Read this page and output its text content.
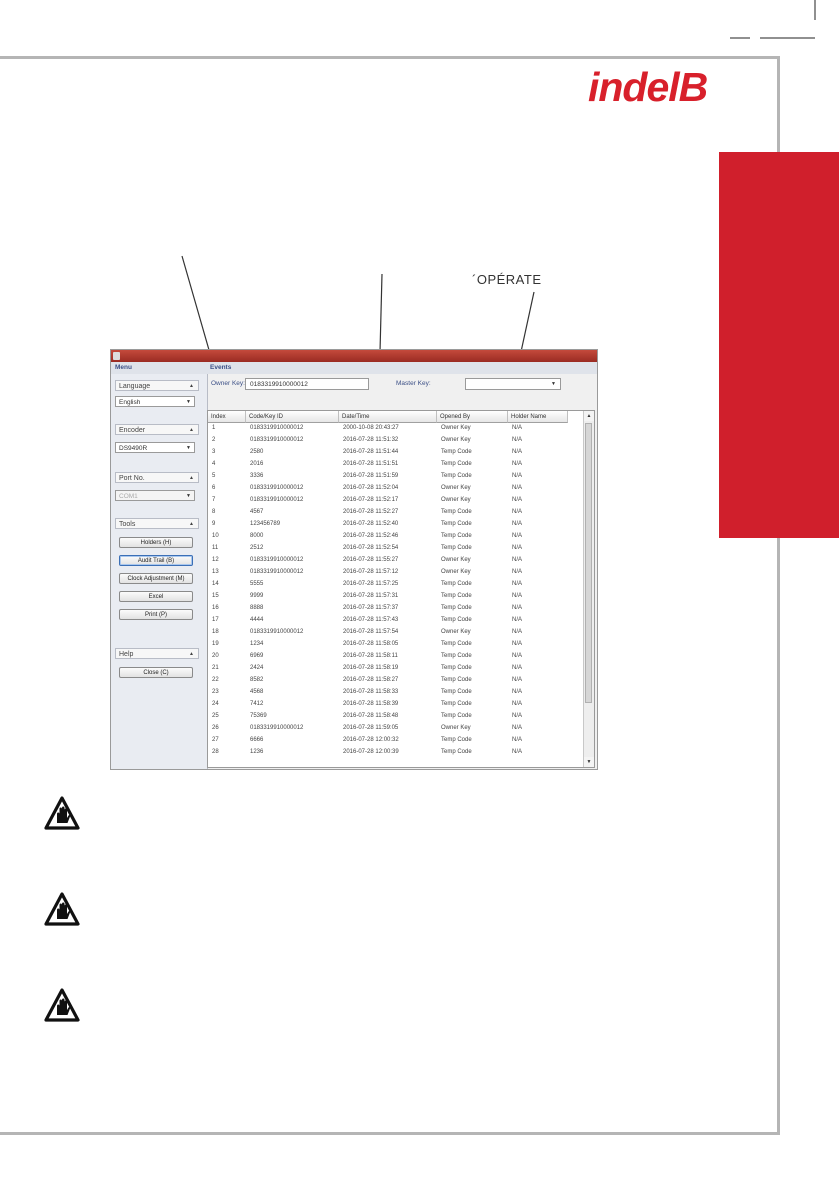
indelB
´OPÉRATE
Menu	Events
Language	▲
English	▼
Encoder	▲
DS9490R	▼
Port No.	▲
COM1	▼
Tools	▲
Holders (H)
Audit Trail (B)
Clock Adjustment (M)
Excel
Print (P)
Help	▲
Close (C)
Owner Key: 0183319910000012	Master Key:	▼
Index	Code/Key ID	Date/Time	Opened By	Holder Name
1	0183319910000012	2000-10-08 20:43:27	Owner Key	N/A
2	0183319910000012	2016-07-28 11:51:32	Owner Key	N/A
3	2580	2016-07-28 11:51:44	Temp Code	N/A
4	2016	2016-07-28 11:51:51	Temp Code	N/A
5	3336	2016-07-28 11:51:59	Temp Code	N/A
6	0183319910000012	2016-07-28 11:52:04	Owner Key	N/A
7	0183319910000012	2016-07-28 11:52:17	Owner Key	N/A
8	4567	2016-07-28 11:52:27	Temp Code	N/A
9	123456789	2016-07-28 11:52:40	Temp Code	N/A
10	8000	2016-07-28 11:52:46	Temp Code	N/A
11	2512	2016-07-28 11:52:54	Temp Code	N/A
12	0183319910000012	2016-07-28 11:55:27	Owner Key	N/A
13	0183319910000012	2016-07-28 11:57:12	Owner Key	N/A
14	5555	2016-07-28 11:57:25	Temp Code	N/A
15	9999	2016-07-28 11:57:31	Temp Code	N/A
16	8888	2016-07-28 11:57:37	Temp Code	N/A
17	4444	2016-07-28 11:57:43	Temp Code	N/A
18	0183319910000012	2016-07-28 11:57:54	Owner Key	N/A
19	1234	2016-07-28 11:58:05	Temp Code	N/A
20	6969	2016-07-28 11:58:11	Temp Code	N/A
21	2424	2016-07-28 11:58:19	Temp Code	N/A
22	8582	2016-07-28 11:58:27	Temp Code	N/A
23	4568	2016-07-28 11:58:33	Temp Code	N/A
24	7412	2016-07-28 11:58:39	Temp Code	N/A
25	75369	2016-07-28 11:58:48	Temp Code	N/A
26	0183319910000012	2016-07-28 11:59:05	Owner Key	N/A
27	6666	2016-07-28 12:00:32	Temp Code	N/A
28	1236	2016-07-28 12:00:39	Temp Code	N/A
▲
▼
